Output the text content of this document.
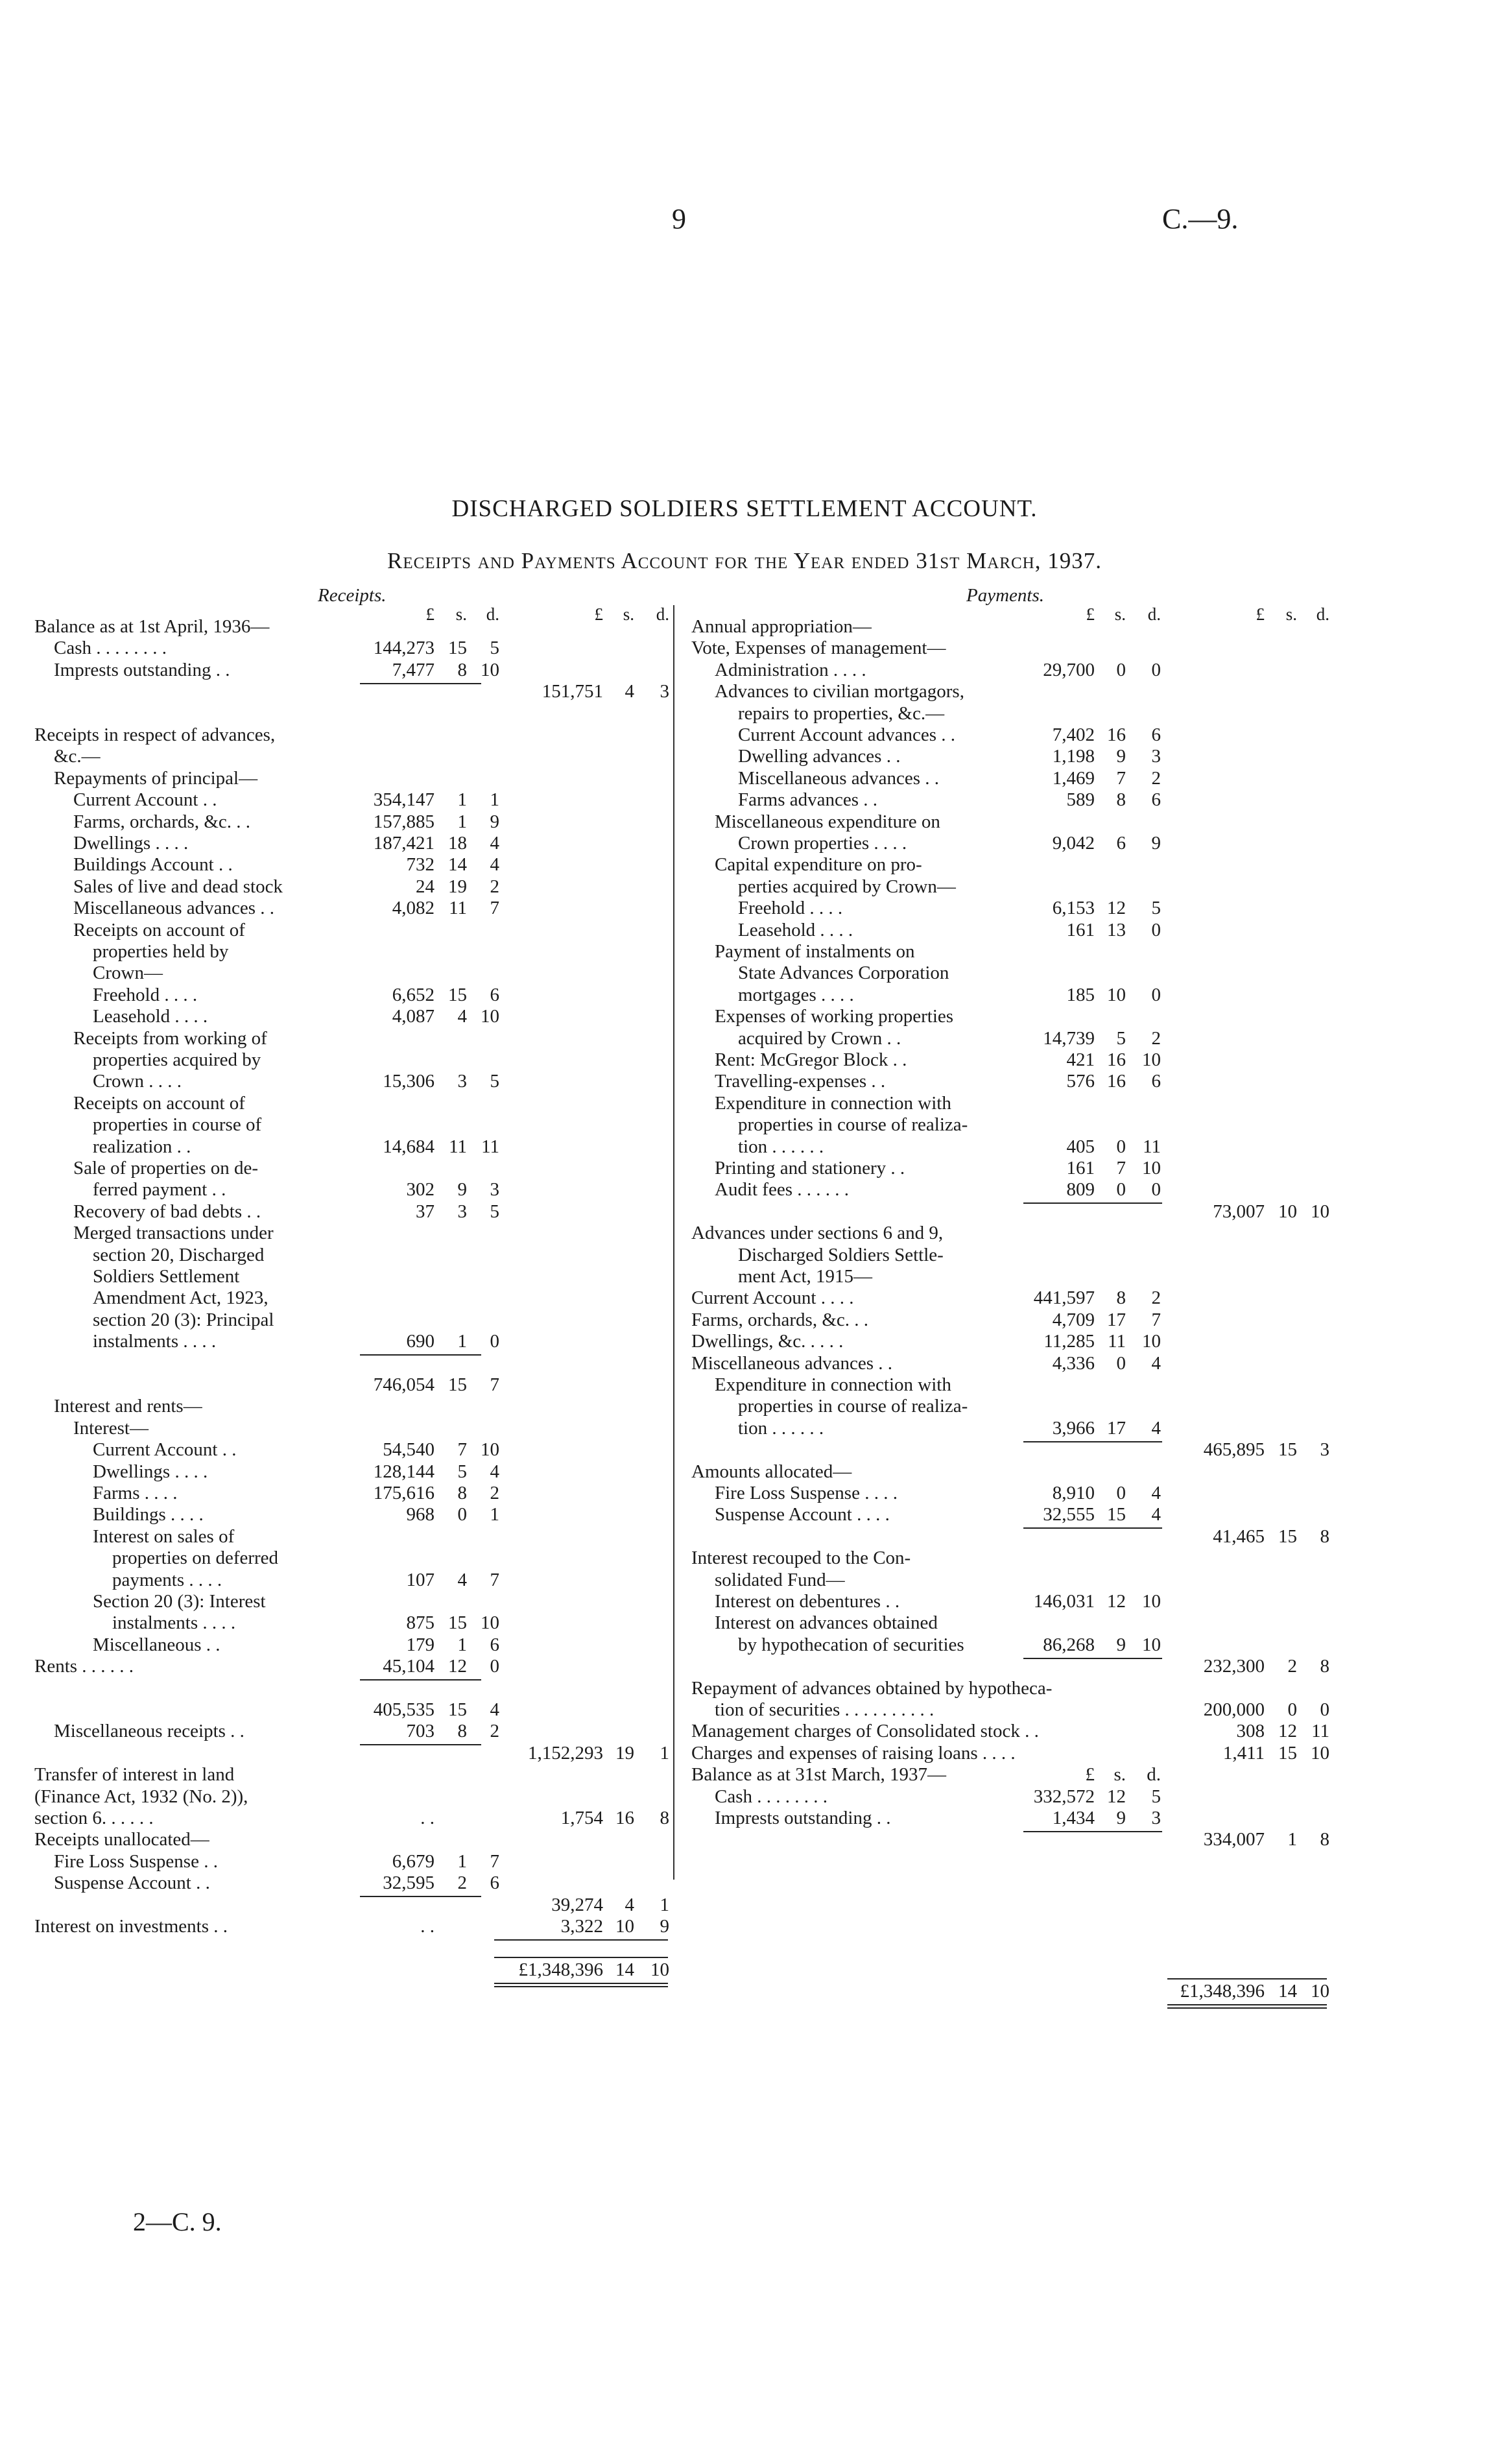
9	C.—9.
DISCHARGED SOLDIERS SETTLEMENT ACCOUNT.
Receipts and Payments Account for the Year ended 31st March, 1937.
Receipts.	Payments.
£	s.	d.	£	s.	d.
Balance as at 1st April, 1936—
Cash . . . . . . . .	144,273 15	5
Imprests outstanding . .	7,477	8 10
151,751	4	3
Receipts in respect of advances,
&c.—
Repayments of principal—
Current Account . .	354,147	1	1
Farms, orchards, &c. . .	157,885	1	9
Dwellings . . . .	187,421 18	4
Buildings Account . .	732 14	4
Sales of live and dead stock	24 19	2
Miscellaneous advances . .	4,082 11	7
Receipts on account of
properties held by
Crown—
Freehold . . . .	6,652 15	6
Leasehold . . . .	4,087	4 10
Receipts from working of
properties acquired by
Crown . . . .	15,306	3	5
Receipts on account of
properties in course of
realization . .	14,684 11 11
Sale of properties on de-
ferred payment . .	302	9	3
Recovery of bad debts . .	37	3	5
Merged transactions under
section 20, Discharged
Soldiers Settlement
Amendment Act, 1923,
section 20 (3): Principal
instalments . . . .	690	1	0
746,054 15	7
Interest and rents—
Interest—
Current Account . .	54,540	7 10
Dwellings . . . .	128,144	5	4
Farms . . . .	175,616	8	2
Buildings . . . .	968	0	1
Interest on sales of
properties on deferred
payments . . . .	107	4	7
Section 20 (3): Interest
instalments . . . .	875 15 10
Miscellaneous . .	179	1	6
Rents . . . . . .	45,104 12	0
405,535 15	4
Miscellaneous receipts . .	703	8	2
1,152,293 19	1
Transfer of interest in land
(Finance Act, 1932 (No. 2)),
section 6. . . . . .	. .	1,754 16	8
Receipts unallocated—
Fire Loss Suspense . .	6,679	1	7
Suspense Account . .	32,595	2	6
39,274	4	1
Interest on investments . .	. .	3,322 10	9
£1,348,396 14 10
£	s.	d.	£	s.	d.
Annual appropriation—
Vote, Expenses of management—
Administration . . . .	29,700	0	0
Advances to civilian mortgagors,
repairs to properties, &c.—
Current Account advances . .	7,402 16	6
Dwelling advances . .	1,198	9	3
Miscellaneous advances . .	1,469	7	2
Farms advances . .	589	8	6
Miscellaneous expenditure on
Crown properties . . . .	9,042	6	9
Capital expenditure on pro-
perties acquired by Crown—
Freehold . . . .	6,153 12	5
Leasehold . . . .	161 13	0
Payment of instalments on
State Advances Corporation
mortgages . . . .	185 10	0
Expenses of working properties
acquired by Crown . .	14,739	5	2
Rent: McGregor Block . .	421 16 10
Travelling-expenses . .	576 16	6
Expenditure in connection with
properties in course of realiza-
tion . . . . . .	405	0 11
Printing and stationery . .	161	7 10
Audit fees . . . . . .	809	0	0
73,007 10 10
Advances under sections 6 and 9,
Discharged Soldiers Settle-
ment Act, 1915—
Current Account . . . .	441,597	8	2
Farms, orchards, &c. . .	4,709 17	7
Dwellings, &c. . . . .	11,285 11 10
Miscellaneous advances . .	4,336	0	4
Expenditure in connection with
properties in course of realiza-
tion . . . . . .	3,966 17	4
465,895 15	3
Amounts allocated—
Fire Loss Suspense . . . .	8,910	0	4
Suspense Account . . . .	32,555 15	4
41,465 15	8
Interest recouped to the Con-
solidated Fund—
Interest on debentures . .	146,031 12 10
Interest on advances obtained
by hypothecation of securities	86,268	9 10
232,300	2	8
Repayment of advances obtained by hypotheca-
tion of securities . . . . . . . . . .	200,000	0	0
Management charges of Consolidated stock . .	308 12 11
Charges and expenses of raising loans . . . .	1,411 15 10
Balance as at 31st March, 1937—	£	s.	d.
Cash . . . . . . . .	332,572 12	5
Imprests outstanding . .	1,434	9	3
334,007	1	8
£1,348,396 14 10
2—C. 9.
